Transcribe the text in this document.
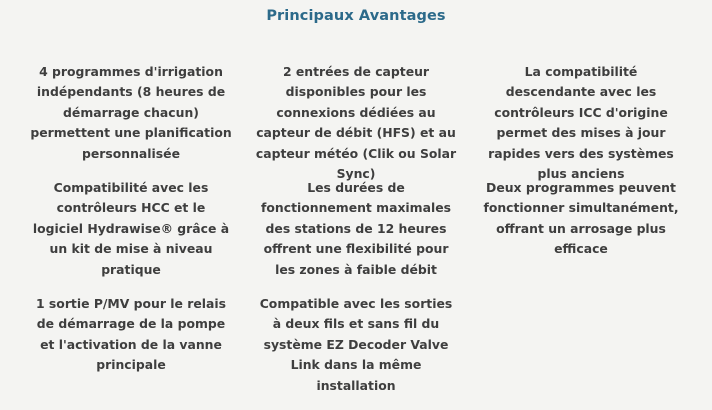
Principaux Avantages
4 programmes d'irrigation indépendants (8 heures de démarrage chacun) permettent une planification personnalisée
2 entrées de capteur disponibles pour les connexions dédiées au capteur de débit (HFS) et au capteur météo (Clik ou Solar Sync)
La compatibilité descendante avec les contrôleurs ICC d'origine permet des mises à jour rapides vers des systèmes plus anciens
Compatibilité avec les contrôleurs HCC et le logiciel Hydrawise® grâce à un kit de mise à niveau pratique
Les durées de fonctionnement maximales des stations de 12 heures offrent une flexibilité pour les zones à faible débit
Deux programmes peuvent fonctionner simultanément, offrant un arrosage plus efficace
1 sortie P/MV pour le relais de démarrage de la pompe et l'activation de la vanne principale
Compatible avec les sorties à deux fils et sans fil du système EZ Decoder Valve Link dans la même installation
